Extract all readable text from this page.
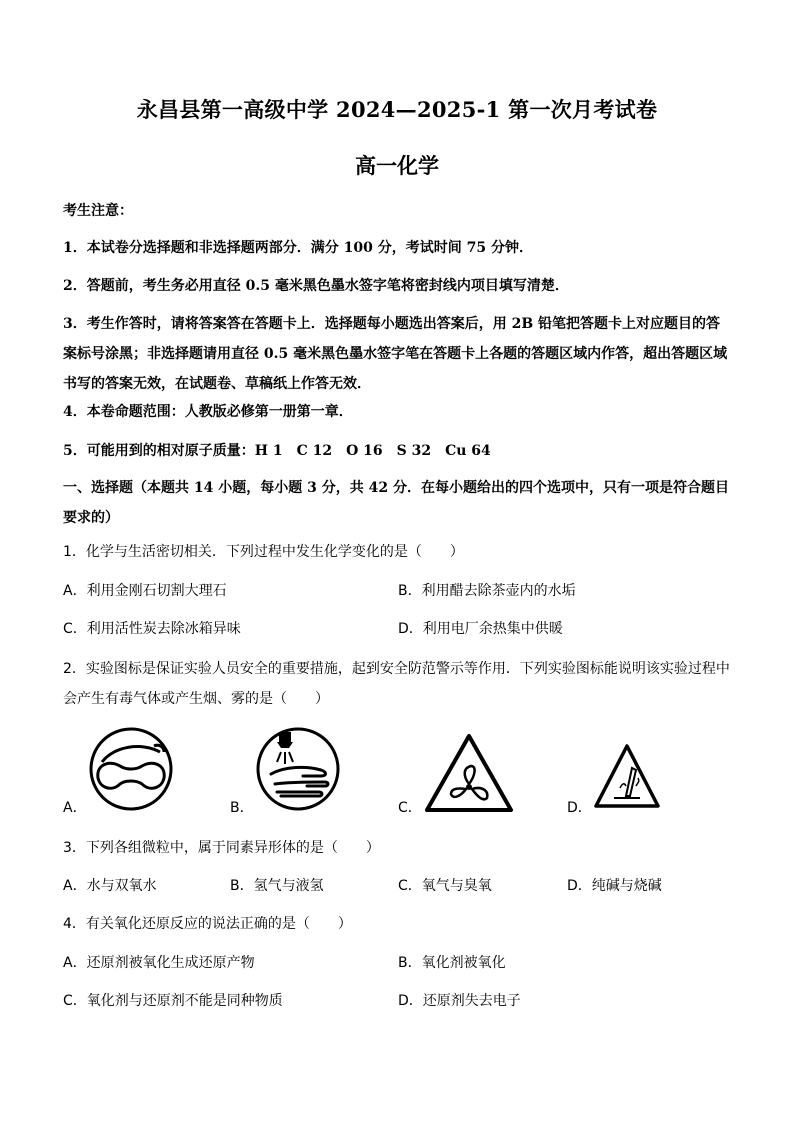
永昌县第一高级中学 2024—2025-1 第一次月考试卷
高一化学
考生注意：
1．本试卷分选择题和非选择题两部分．满分 100 分，考试时间 75 分钟．
2．答题前，考生务必用直径 0.5 毫米黑色墨水签字笔将密封线内项目填写清楚．
3．考生作答时，请将答案答在答题卡上．选择题每小题选出答案后，用 2B 铅笔把答题卡上对应题目的答案标号涂黑；非选择题请用直径 0.5 毫米黑色墨水签字笔在答题卡上各题的答题区域内作答，超出答题区域书写的答案无效，在试题卷、草稿纸上作答无效．
4．本卷命题范围：人教版必修第一册第一章．
5．可能用到的相对原子质量：H 1　C 12　O 16　S 32　Cu 64
一、选择题（本题共 14 小题，每小题 3 分，共 42 分．在每小题给出的四个选项中，只有一项是符合题目要求的）
1．化学与生活密切相关．下列过程中发生化学变化的是（　　）
A．利用金刚石切割大理石	B．利用醋去除茶壶内的水垢
C．利用活性炭去除冰箱异味	D．利用电厂余热集中供暖
2．实验图标是保证实验人员安全的重要措施，起到安全防范警示等作用．下列实验图标能说明该实验过程中会产生有毒气体或产生烟、雾的是（　　）
A．	B．	C．	D．
3．下列各组微粒中，属于同素异形体的是（　　）
A．水与双氧水	B．氢气与液氢	C．氧气与臭氧	D．纯碱与烧碱
4．有关氧化还原反应的说法正确的是（　　）
A．还原剂被氧化生成还原产物	B．氧化剂被氧化
C．氧化剂与还原剂不能是同种物质	D．还原剂失去电子
